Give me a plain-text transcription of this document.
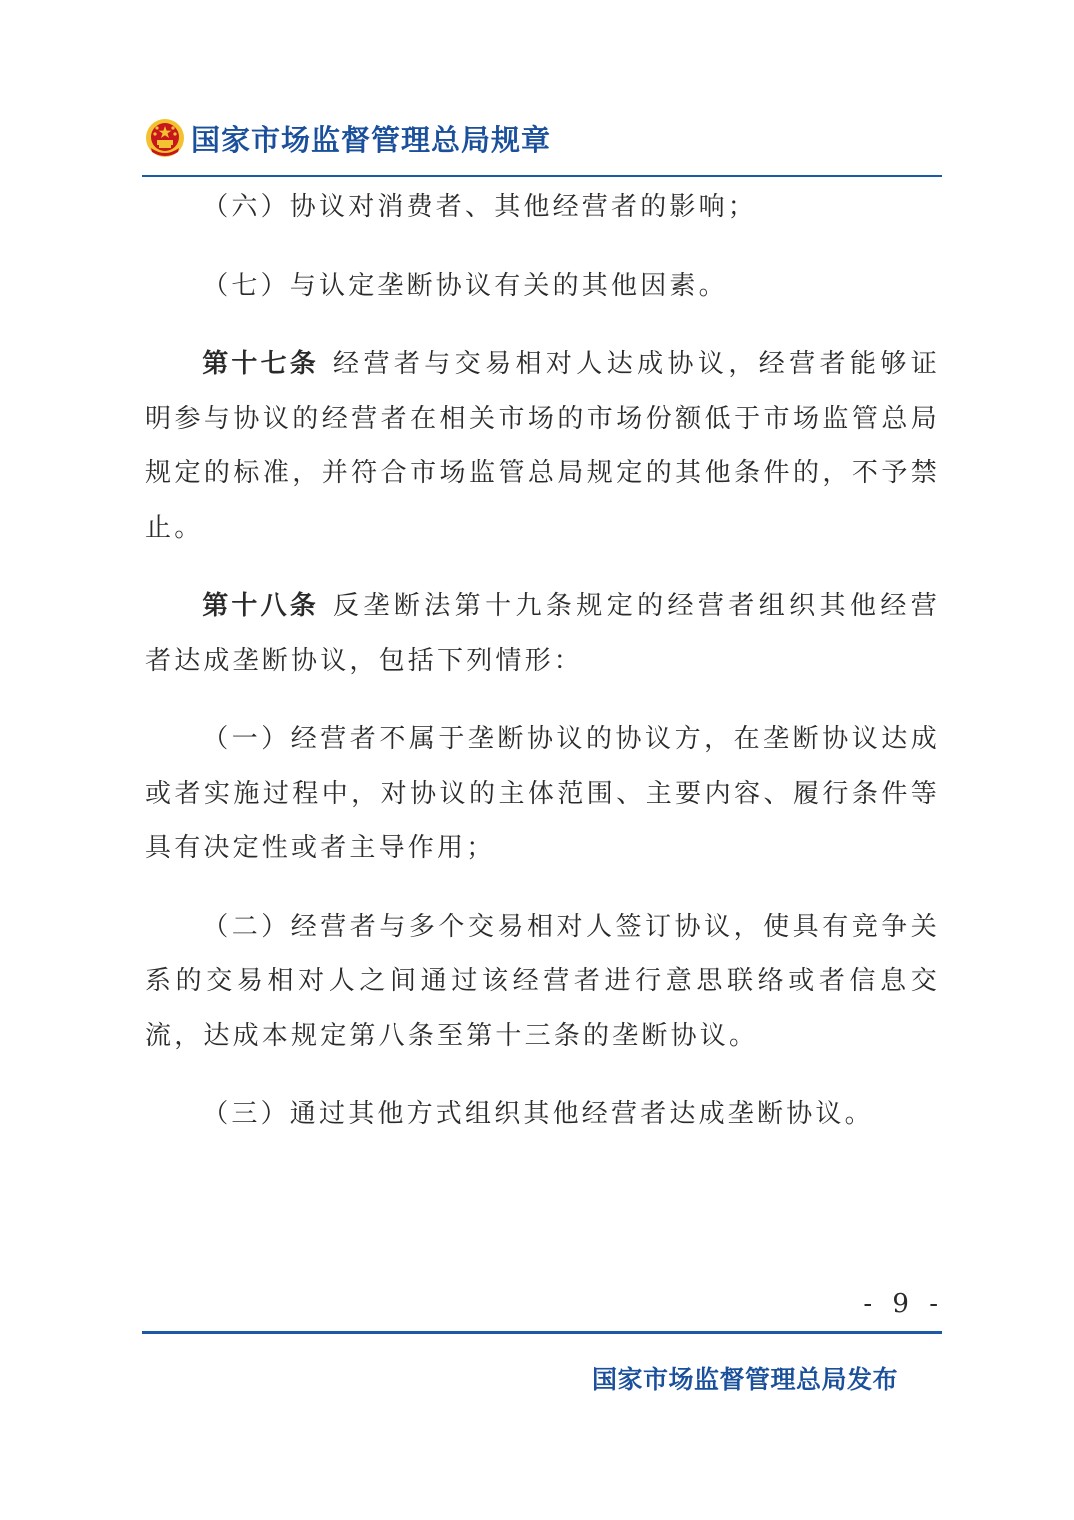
国家市场监督管理总局规章

（六）协议对消费者、其他经营者的影响；

（七）与认定垄断协议有关的其他因素。

第十七条 经营者与交易相对人达成协议，经营者能够证明参与协议的经营者在相关市场的市场份额低于市场监管总局规定的标准，并符合市场监管总局规定的其他条件的，不予禁止。

第十八条 反垄断法第十九条规定的经营者组织其他经营者达成垄断协议，包括下列情形：

（一）经营者不属于垄断协议的协议方，在垄断协议达成或者实施过程中，对协议的主体范围、主要内容、履行条件等具有决定性或者主导作用；

（二）经营者与多个交易相对人签订协议，使具有竞争关系的交易相对人之间通过该经营者进行意思联络或者信息交流，达成本规定第八条至第十三条的垄断协议。

（三）通过其他方式组织其他经营者达成垄断协议。

- 9 -
国家市场监督管理总局发布
